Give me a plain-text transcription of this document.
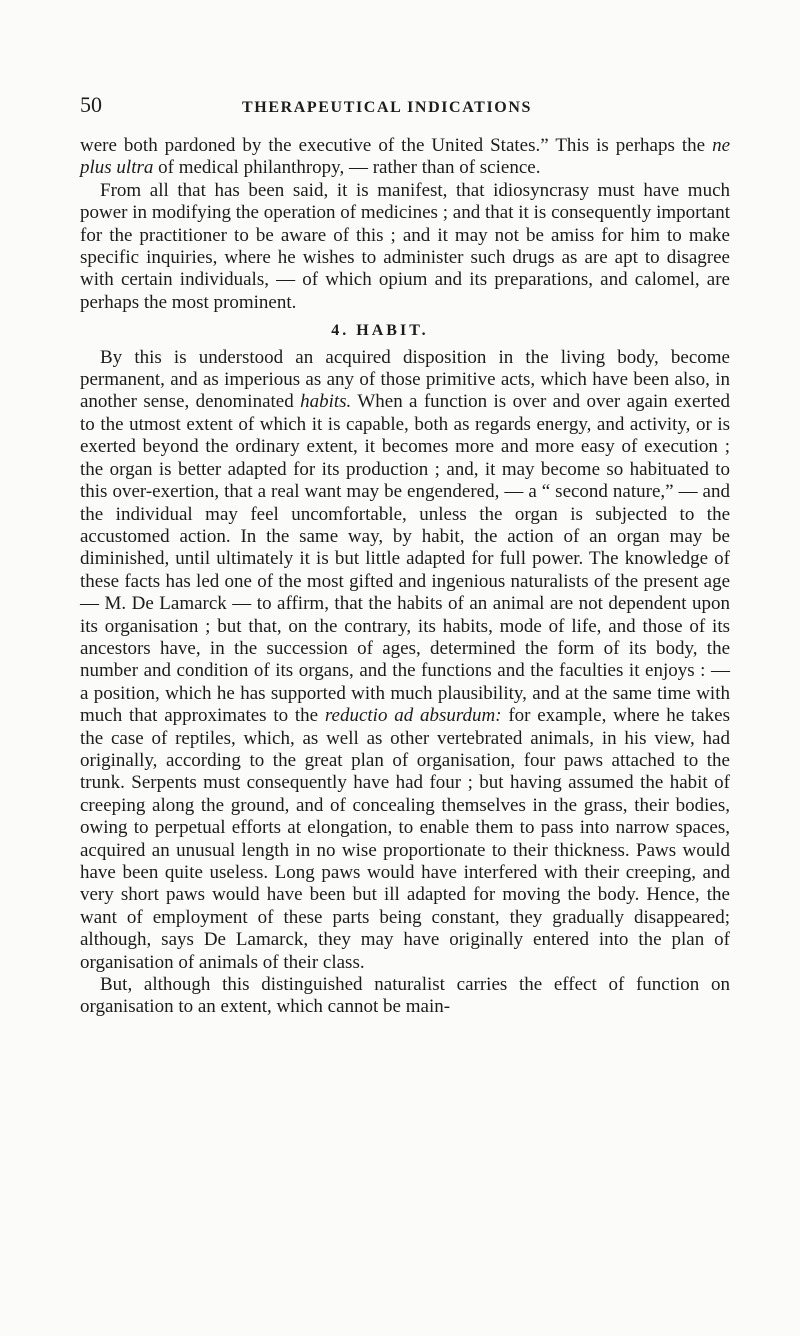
50	THERAPEUTICAL INDICATIONS

were both pardoned by the executive of the United States.” This is perhaps the ne plus ultra of medical philanthropy, — rather than of science.

From all that has been said, it is manifest, that idiosyncrasy must have much power in modifying the operation of medicines ; and that it is consequently important for the practitioner to be aware of this ; and it may not be amiss for him to make specific inquiries, where he wishes to administer such drugs as are apt to disagree with certain individuals, — of which opium and its preparations, and calomel, are perhaps the most prominent.

4. HABIT.

By this is understood an acquired disposition in the living body, become permanent, and as imperious as any of those primitive acts, which have been also, in another sense, denominated habits. When a function is over and over again exerted to the utmost extent of which it is capable, both as regards energy, and activity, or is exerted beyond the ordinary extent, it becomes more and more easy of execution ; the organ is better adapted for its production ; and, it may become so habituated to this over-exertion, that a real want may be engendered, — a “ second nature,” — and the individual may feel uncomfortable, unless the organ is subjected to the accustomed action. In the same way, by habit, the action of an organ may be diminished, until ultimately it is but little adapted for full power. The knowledge of these facts has led one of the most gifted and ingenious naturalists of the present age — M. De Lamarck — to affirm, that the habits of an animal are not dependent upon its organisation ; but that, on the contrary, its habits, mode of life, and those of its ancestors have, in the succession of ages, determined the form of its body, the number and condition of its organs, and the functions and the faculties it enjoys : — a position, which he has supported with much plausibility, and at the same time with much that approximates to the reductio ad absurdum: for example, where he takes the case of reptiles, which, as well as other vertebrated animals, in his view, had originally, according to the great plan of organisation, four paws attached to the trunk. Serpents must consequently have had four ; but having assumed the habit of creeping along the ground, and of concealing themselves in the grass, their bodies, owing to perpetual efforts at elongation, to enable them to pass into narrow spaces, acquired an unusual length in no wise proportionate to their thickness. Paws would have been quite useless. Long paws would have interfered with their creeping, and very short paws would have been but ill adapted for moving the body. Hence, the want of employment of these parts being constant, they gradually disappeared; although, says De Lamarck, they may have originally entered into the plan of organisation of animals of their class.

But, although this distinguished naturalist carries the effect of function on organisation to an extent, which cannot be main-
